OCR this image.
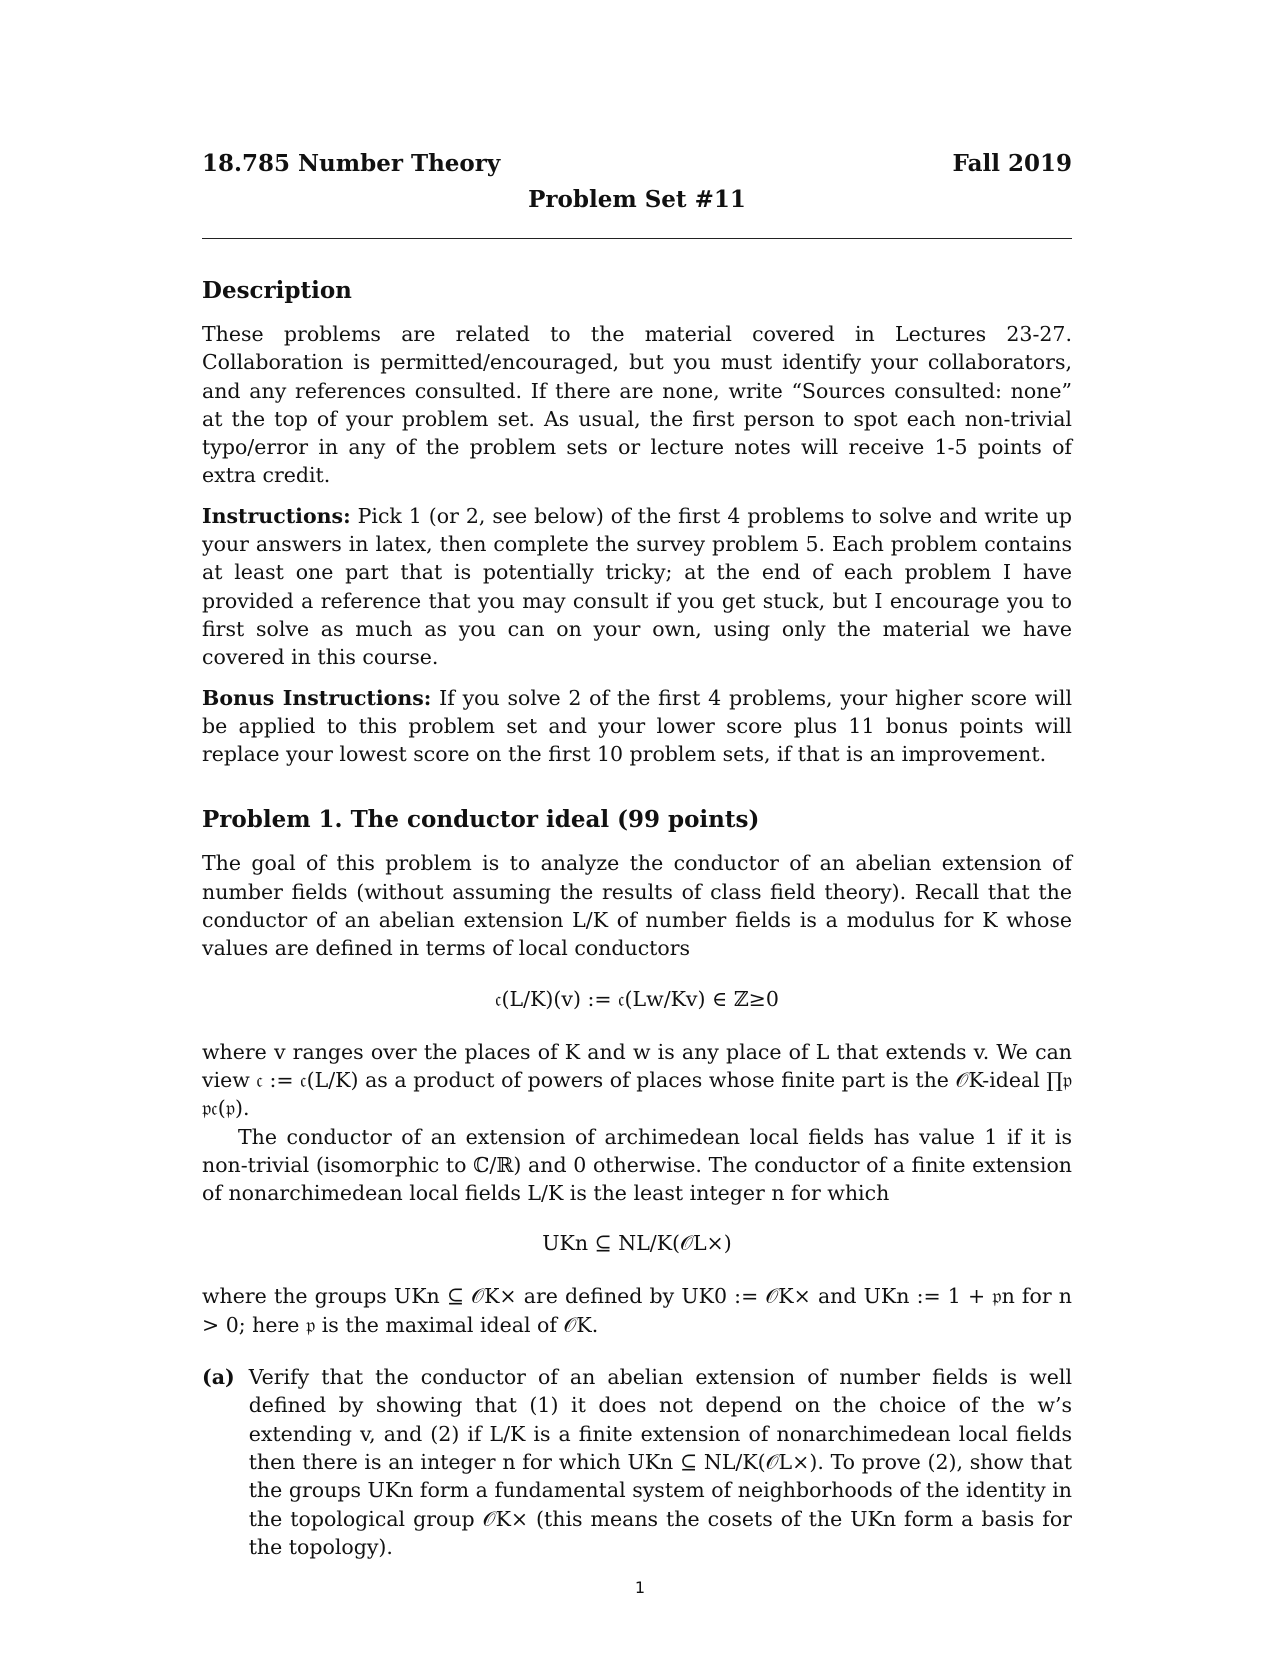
18.785 Number Theory	Fall 2019
Problem Set #11
Description

These problems are related to the material covered in Lectures 23-27. Collaboration is permitted/encouraged, but you must identify your collaborators, and any references consulted. If there are none, write “Sources consulted: none” at the top of your problem set. As usual, the first person to spot each non-trivial typo/error in any of the problem sets or lecture notes will receive 1-5 points of extra credit.

Instructions: Pick 1 (or 2, see below) of the first 4 problems to solve and write up your answers in latex, then complete the survey problem 5. Each problem contains at least one part that is potentially tricky; at the end of each problem I have provided a reference that you may consult if you get stuck, but I encourage you to first solve as much as you can on your own, using only the material we have covered in this course.

Bonus Instructions: If you solve 2 of the first 4 problems, your higher score will be applied to this problem set and your lower score plus 11 bonus points will replace your lowest score on the first 10 problem sets, if that is an improvement.

Problem 1. The conductor ideal (99 points)

The goal of this problem is to analyze the conductor of an abelian extension of number fields (without assuming the results of class field theory). Recall that the conductor of an abelian extension L/K of number fields is a modulus for K whose values are defined in terms of local conductors

𝔠(L/K)(v) := 𝔠(Lw/Kv) ∈ ℤ≥0

where v ranges over the places of K and w is any place of L that extends v. We can view 𝔠 := 𝔠(L/K) as a product of powers of places whose finite part is the 𝒪K-ideal ∏𝔭 𝔭𝔠(𝔭).

The conductor of an extension of archimedean local fields has value 1 if it is non-trivial (isomorphic to ℂ/ℝ) and 0 otherwise. The conductor of a finite extension of nonarchimedean local fields L/K is the least integer n for which

UKn ⊆ NL/K(𝒪L×)

where the groups UKn ⊆ 𝒪K× are defined by UK0 := 𝒪K× and UKn := 1 + 𝔭n for n > 0; here 𝔭 is the maximal ideal of 𝒪K.

(a) Verify that the conductor of an abelian extension of number fields is well defined by showing that (1) it does not depend on the choice of the w’s extending v, and (2) if L/K is a finite extension of nonarchimedean local fields then there is an integer n for which UKn ⊆ NL/K(𝒪L×). To prove (2), show that the groups UKn form a fundamental system of neighborhoods of the identity in the topological group 𝒪K× (this means the cosets of the UKn form a basis for the topology).
1
